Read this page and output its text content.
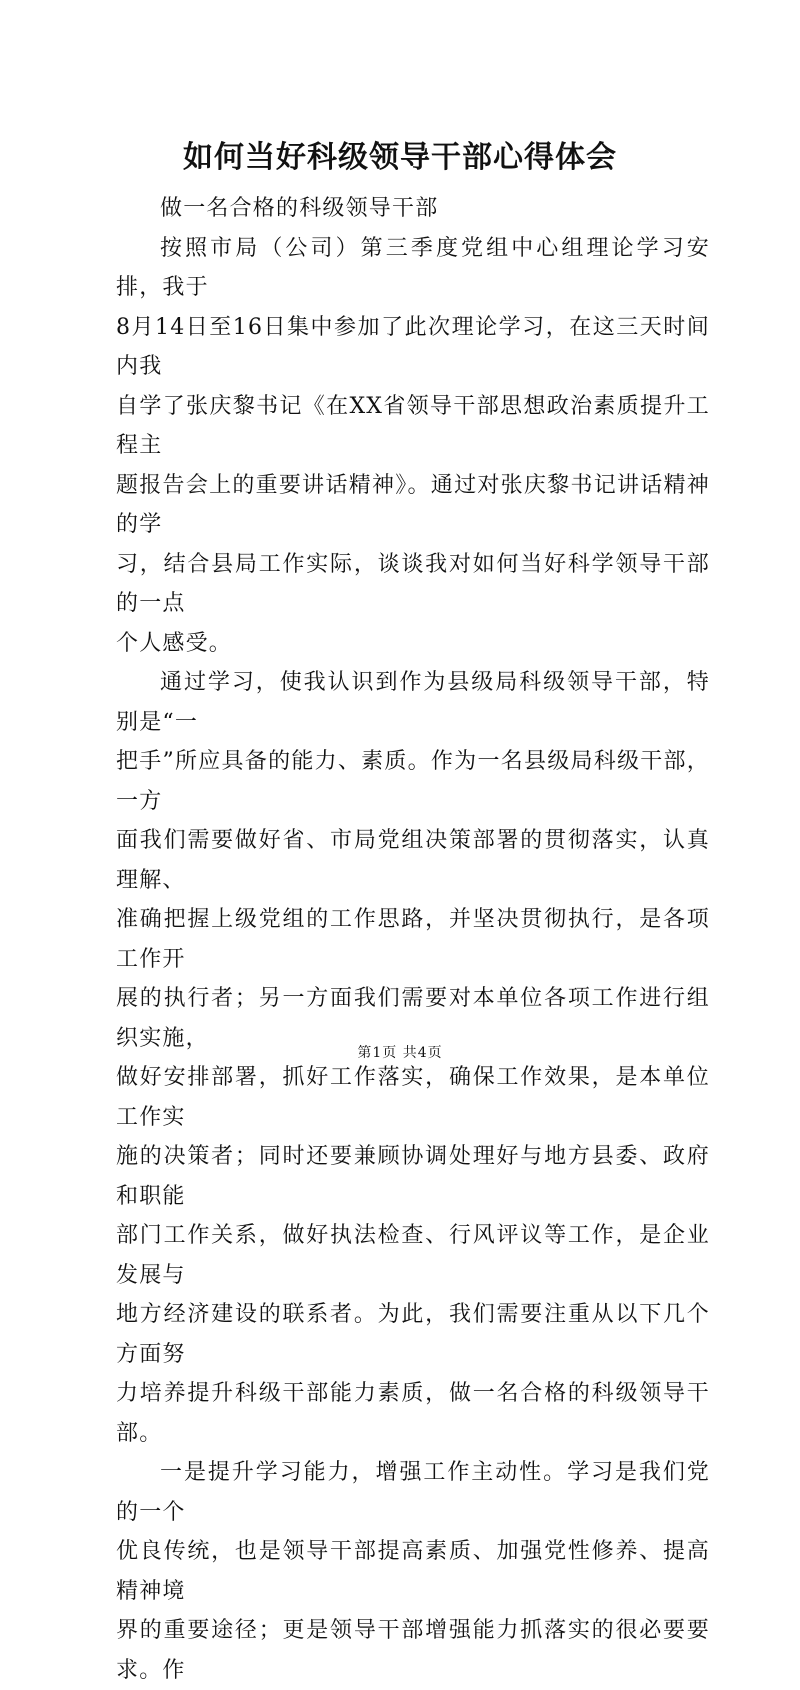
如何当好科级领导干部心得体会

做一名合格的科级领导干部

按照市局（公司）第三季度党组中心组理论学习安排，我于
8月14日至16日集中参加了此次理论学习，在这三天时间内我
自学了张庆黎书记《在XX省领导干部思想政治素质提升工程主
题报告会上的重要讲话精神》。通过对张庆黎书记讲话精神的学
习，结合县局工作实际，谈谈我对如何当好科学领导干部的一点
个人感受。

通过学习，使我认识到作为县级局科级领导干部，特别是“一
把手”所应具备的能力、素质。作为一名县级局科级干部，一方
面我们需要做好省、市局党组决策部署的贯彻落实，认真理解、
准确把握上级党组的工作思路，并坚决贯彻执行，是各项工作开
展的执行者；另一方面我们需要对本单位各项工作进行组织实施，
做好安排部署，抓好工作落实，确保工作效果，是本单位工作实
施的决策者；同时还要兼顾协调处理好与地方县委、政府和职能
部门工作关系，做好执法检查、行风评议等工作，是企业发展与
地方经济建设的联系者。为此，我们需要注重从以下几个方面努
力培养提升科级干部能力素质，做一名合格的科级领导干部。

一是提升学习能力，增强工作主动性。学习是我们党的一个
优良传统，也是领导干部提高素质、加强党性修养、提高精神境
界的重要途径；更是领导干部增强能力抓落实的很必要要求。作

第1页 共4页
